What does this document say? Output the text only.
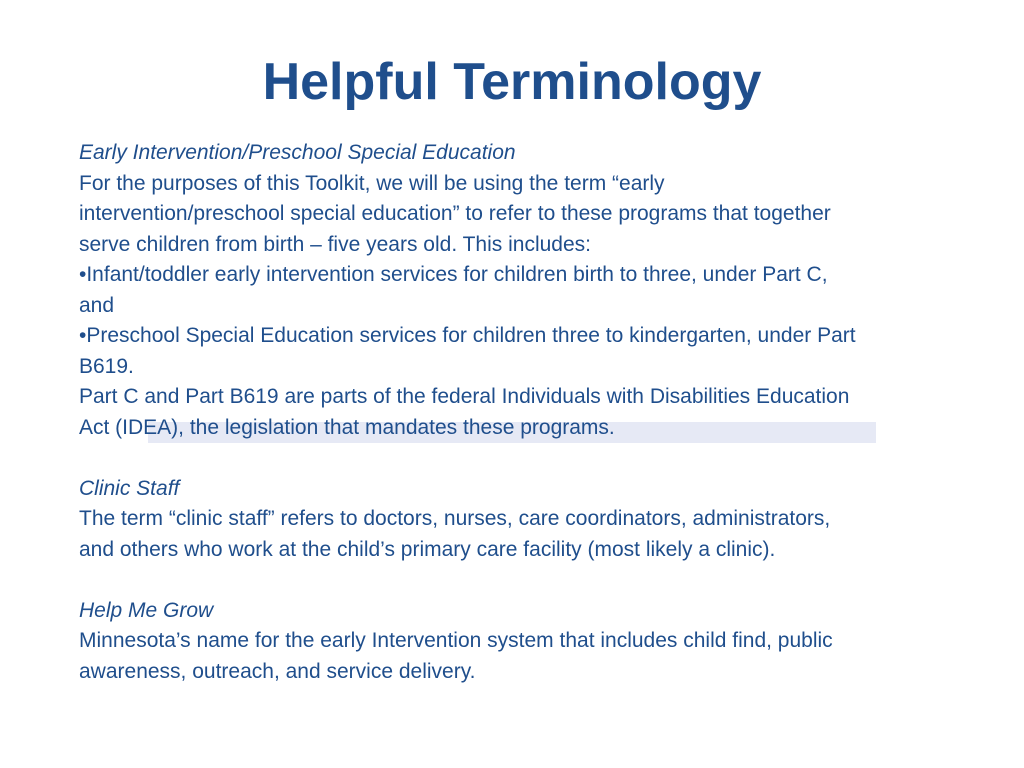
Helpful Terminology

Early Intervention/Preschool Special Education

For the purposes of this Toolkit, we will be using the term “early

intervention/preschool special education” to refer to these programs that together

serve children from birth – five years old. This includes:

•Infant/toddler early intervention services for children birth to three, under Part C,

and

•Preschool Special Education services for children three to kindergarten, under Part

B619.

Part C and Part B619 are parts of the federal Individuals with Disabilities Education

Act (IDEA), the legislation that mandates these programs.

Clinic Staff

The term “clinic staff” refers to doctors, nurses, care coordinators, administrators,

and others who work at the child’s primary care facility (most likely a clinic).

Help Me Grow

Minnesota’s name for the early Intervention system that includes child find, public

awareness, outreach, and service delivery.
